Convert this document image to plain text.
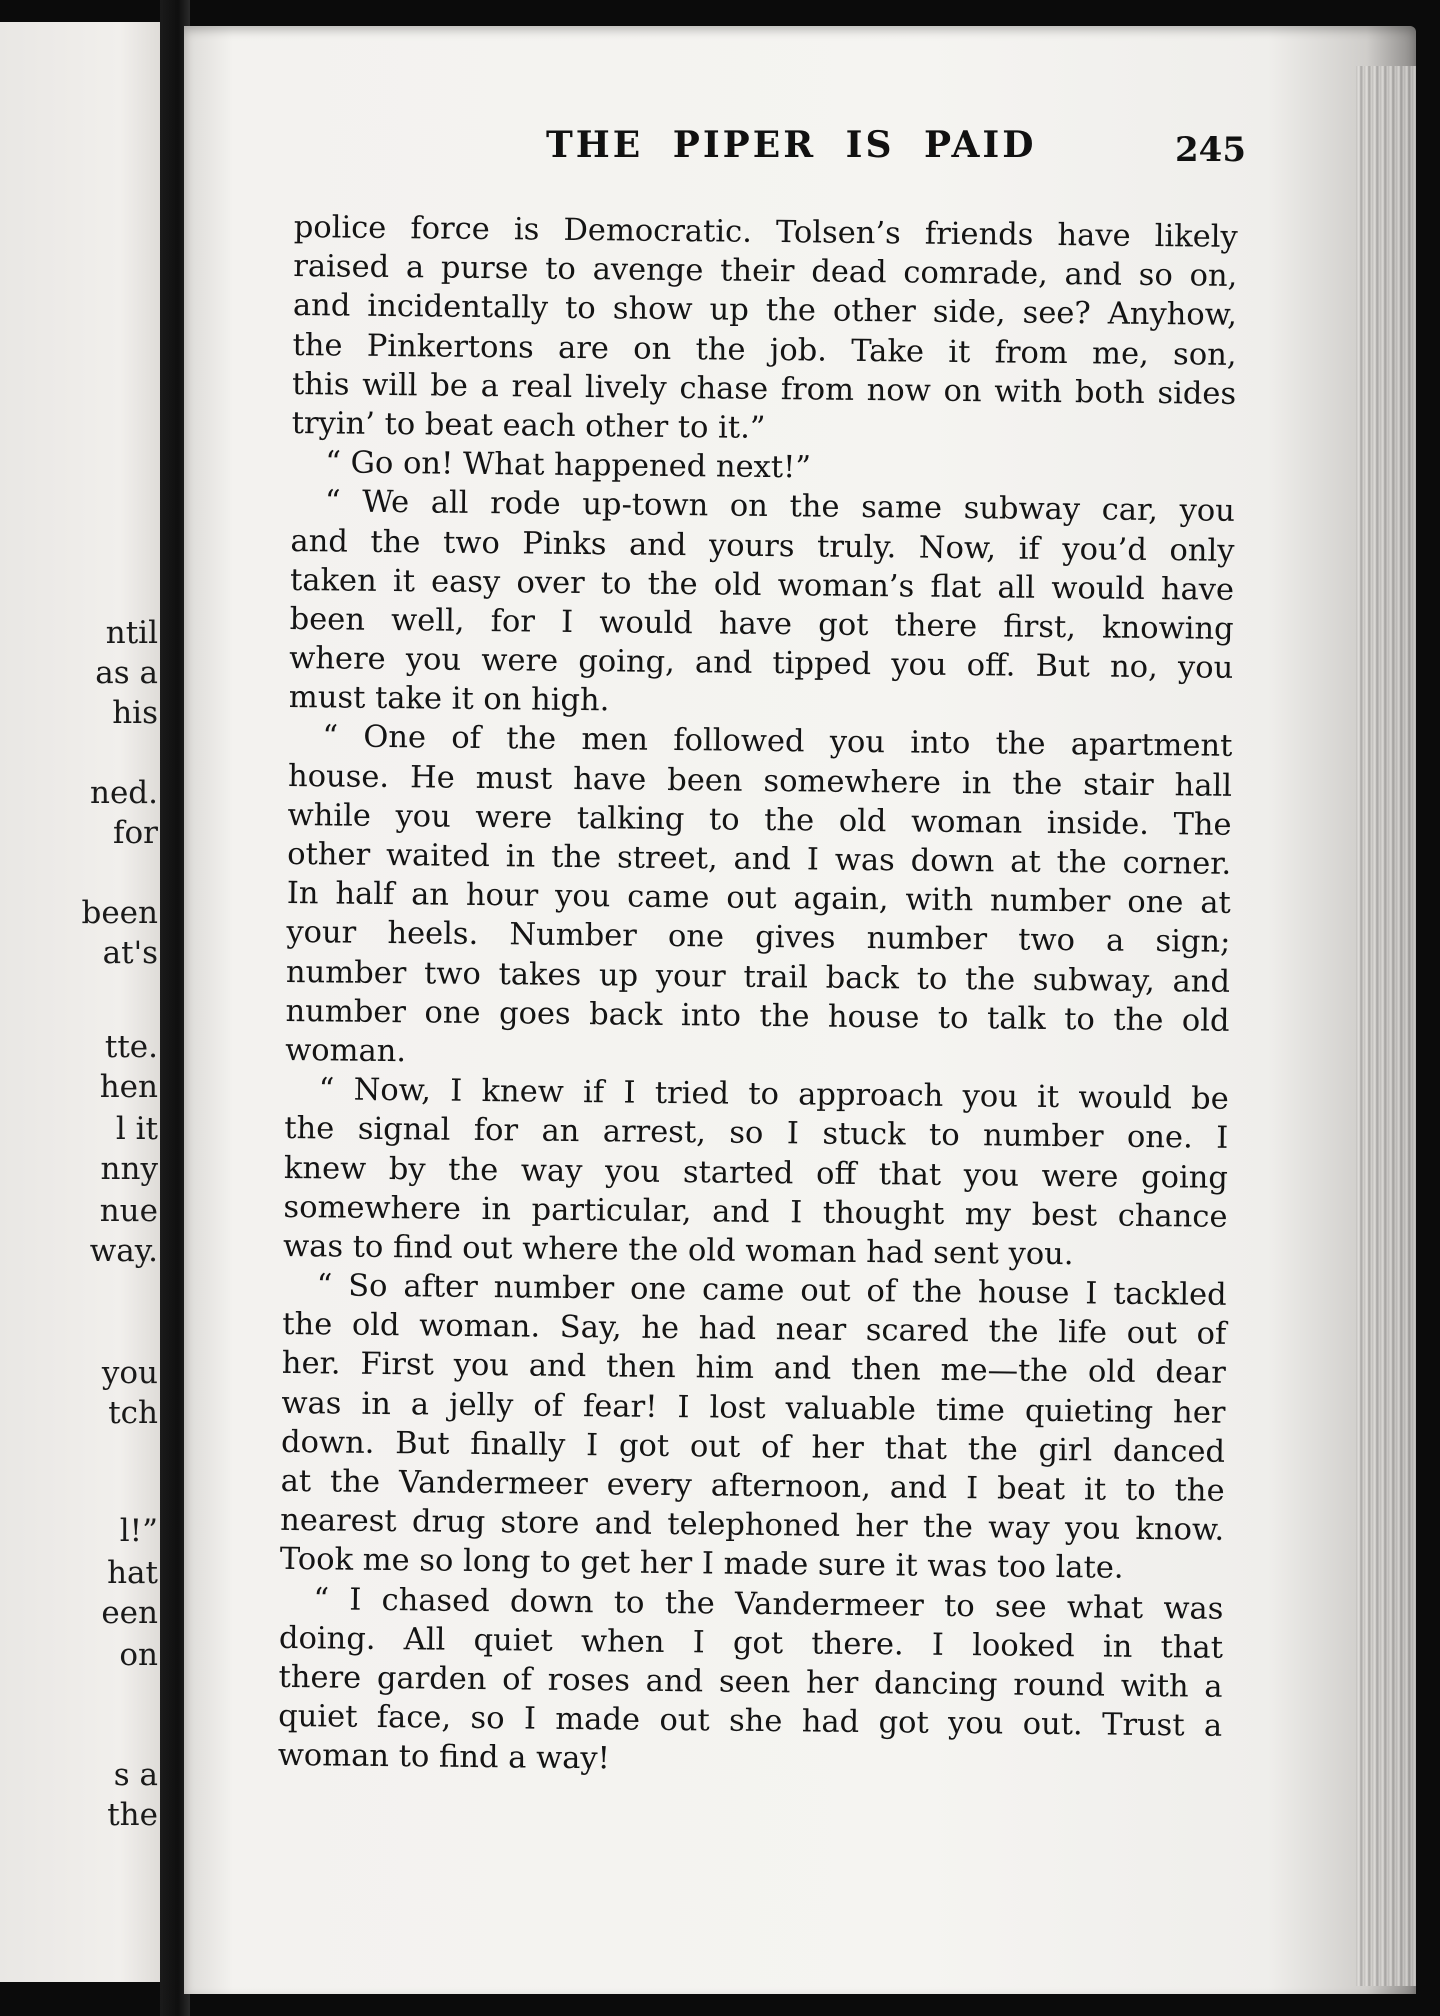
ntil
as a
his
ned.
for
been
at's
tte.
hen
l it
nny
nue
way.
you
tch
l!”
hat
een
on
s a
the
THE PIPER IS PAID	245
police force is Democratic. Tolsen’s friends have likely
raised a purse to avenge their dead comrade, and so on,
and incidentally to show up the other side, see? Anyhow,
the Pinkertons are on the job. Take it from me, son,
this will be a real lively chase from now on with both sides
tryin’ to beat each other to it.”
“ Go on! What happened next!”
“ We all rode up-town on the same subway car, you
and the two Pinks and yours truly. Now, if you’d only
taken it easy over to the old woman’s flat all would have
been well, for I would have got there first, knowing
where you were going, and tipped you off. But no, you
must take it on high.
“ One of the men followed you into the apartment
house. He must have been somewhere in the stair hall
while you were talking to the old woman inside. The
other waited in the street, and I was down at the corner.
In half an hour you came out again, with number one at
your heels. Number one gives number two a sign;
number two takes up your trail back to the subway, and
number one goes back into the house to talk to the old
woman.
“ Now, I knew if I tried to approach you it would be
the signal for an arrest, so I stuck to number one. I
knew by the way you started off that you were going
somewhere in particular, and I thought my best chance
was to find out where the old woman had sent you.
“ So after number one came out of the house I tackled
the old woman. Say, he had near scared the life out of
her. First you and then him and then me—the old dear
was in a jelly of fear! I lost valuable time quieting her
down. But finally I got out of her that the girl danced
at the Vandermeer every afternoon, and I beat it to the
nearest drug store and telephoned her the way you know.
Took me so long to get her I made sure it was too late.
“ I chased down to the Vandermeer to see what was
doing. All quiet when I got there. I looked in that
there garden of roses and seen her dancing round with a
quiet face, so I made out she had got you out. Trust a
woman to find a way!
